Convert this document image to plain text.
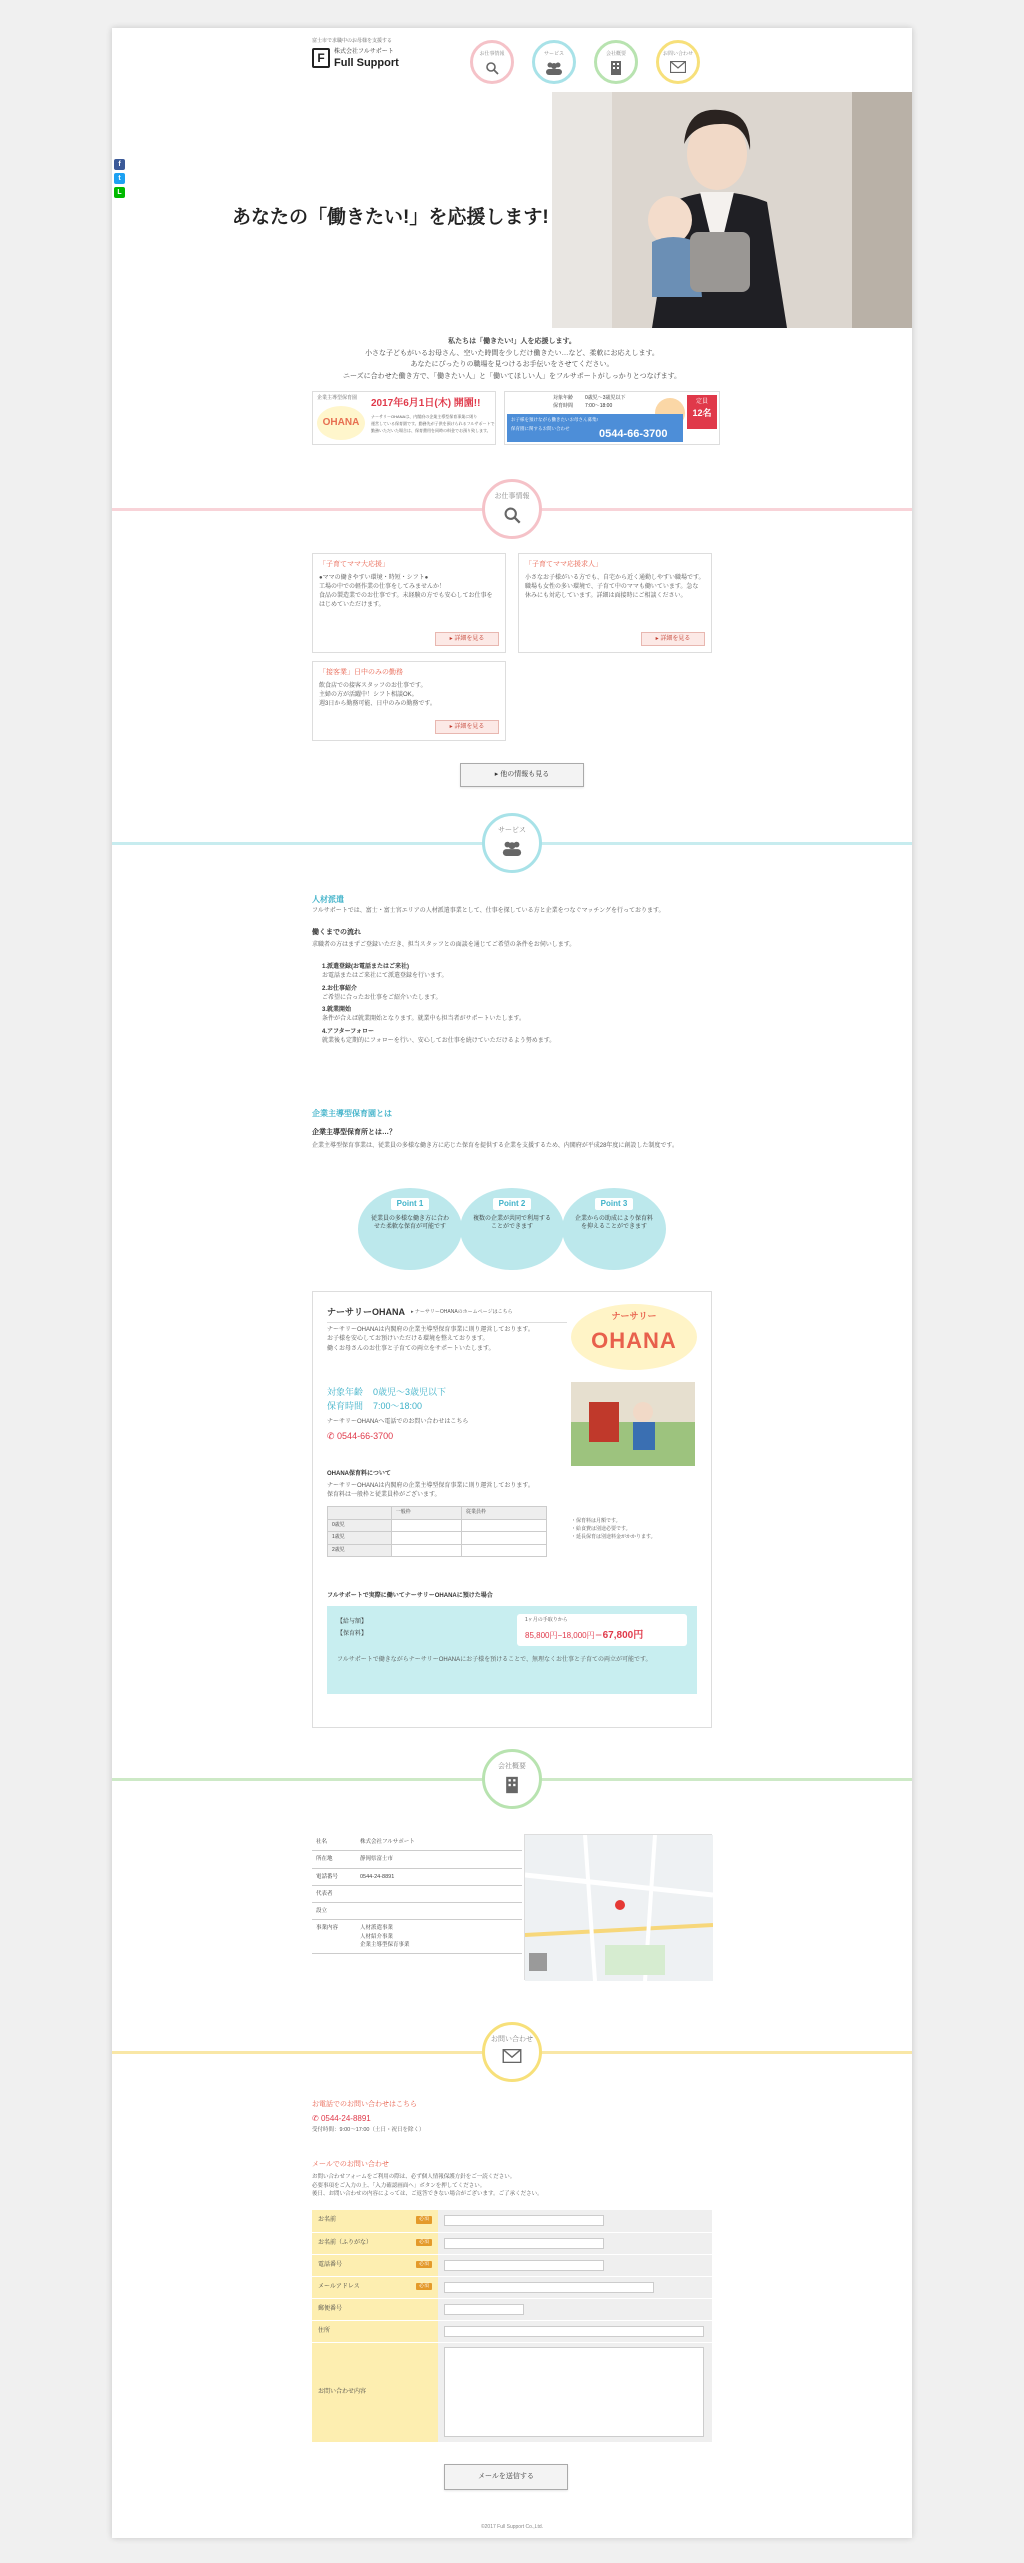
富士市で求職中のお母様を支援する
F	株式会社フルサポート
Full Support
お仕事情報	サービス	会社概要	お問い合わせ
あなたの「働きたい!」を応援します!
f
t
L

私たちは「働きたい!」人を応援します。

小さな子どもがいるお母さん、空いた時間を少しだけ働きたい…など、柔軟にお応えします。

あなたにぴったりの職場を見つけるお手伝いをさせてください。

ニーズに合わせた働き方で、「働きたい人」と「働いてほしい人」をフルサポートがしっかりとつなげます。

企業主導型保育園
OHANA
2017年6月1日(木) 開園!!
ナーサリーOHANAは、内閣府の企業主導型保育事業に則り
運営している保育園です。勤務先が子供を預けられるフルサポートで
勤務いただいた場合は、保育費用を同時の料金でお預り致します。
対象年齢 0歳児〜3歳児以下
保育時間 7:00〜18:00
定員
12名
お子様を預けながら働きたいお母さん募集!
保育園に関するお問い合わせ	0544-66-3700
お仕事情報
「子育てママ大応援」
●ママの働きやすい環境・時短・シフト●
工場の中での軽作業の仕事をしてみませんか！
食品の製造業でのお仕事です。未経験の方でも安心してお仕事を
はじめていただけます。
▸ 詳細を見る
「子育てママ応援求人」
小さなお子様がいる方でも、自宅から近く通勤しやすい職場です。
職場も女性の多い環境で、子育て中のママも働いています。急な
休みにも対応しています。詳細は面接時にご相談ください。
▸ 詳細を見る
「接客業」日中のみの勤務
飲食店での接客スタッフのお仕事です。
主婦の方が活躍中！シフト相談OK。
週3日から勤務可能、日中のみの勤務です。
▸ 詳細を見る
▸ 他の情報も見る
サービス
人材派遣
フルサポートでは、富士・富士宮エリアの人材派遣事業として、仕事を探している方と企業をつなぐマッチングを行っております。
働くまでの流れ
求職者の方はまずご登録いただき、担当スタッフとの面談を通じてご希望の条件をお伺いします。
1.派遣登録(お電話またはご来社)
お電話またはご来社にて派遣登録を行います。
2.お仕事紹介
ご希望に合ったお仕事をご紹介いたします。
3.就業開始
条件が合えば就業開始となります。就業中も担当者がサポートいたします。
4.アフターフォロー
就業後も定期的にフォローを行い、安心してお仕事を続けていただけるよう努めます。
企業主導型保育園とは
企業主導型保育所とは…？
企業主導型保育事業は、従業員の多様な働き方に応じた保育を提供する企業を支援するため、内閣府が平成28年度に創設した制度です。
Point 1
従業員の多様な働き方に合わせた柔軟な保育が可能です
Point 2
複数の企業が共同で利用することができます
Point 3
企業からの助成により保育料を抑えることができます
ナーサリーOHANA ▸ ナーサリーOHANAのホームページはこちら
ナーサリーOHANAは内閣府の企業主導型保育事業に則り運営しております。
お子様を安心してお預けいただける環境を整えております。
働くお母さんのお仕事と子育ての両立をサポートいたします。
ナーサリー
OHANA
対象年齢 0歳児〜3歳児以下
保育時間 7:00〜18:00
ナーサリーOHANAへ電話でのお問い合わせはこちら
✆ 0544-66-3700
OHANA保育料について
ナーサリーOHANAは内閣府の企業主導型保育事業に則り運営しております。
保育料は一般枠と従業員枠がございます。
	一般枠	従業員枠
0歳児		
1歳児		
2歳児		
・保育料は月額です。
・給食費は別途必要です。
・延長保育は別途料金がかかります。
フルサポートで実際に働いてナーサリーOHANAに預けた場合
【給与額】
【保育料】
1ヶ月の手取りから
85,800円−18,000円＝67,800円
フルサポートで働きながらナーサリーOHANAにお子様を預けることで、無理なくお仕事と子育ての両立が可能です。
会社概要
社名	株式会社フルサポート
所在地	静岡県富士市
電話番号	0544-24-8891
代表者	
設立	
事業内容	人材派遣事業
人材紹介事業
企業主導型保育事業
お問い合わせ
お電話でのお問い合わせはこちら
✆ 0544-24-8891
受付時間：9:00〜17:00（土日・祝日を除く）
メールでのお問い合わせ
お問い合わせフォームをご利用の際は、必ず個人情報保護方針をご一読ください。
必要事項をご入力の上、「入力確認画面へ」ボタンを押してください。
後日、お問い合わせの内容によっては、ご返答できない場合がございます。ご了承ください。
お名前 必須	

お名前（ふりがな） 必須	

電話番号 必須	

メールアドレス 必須	

郵便番号	

住所	

お問い合わせ内容	
メールを送信する
©2017 Full Support Co.,Ltd.
